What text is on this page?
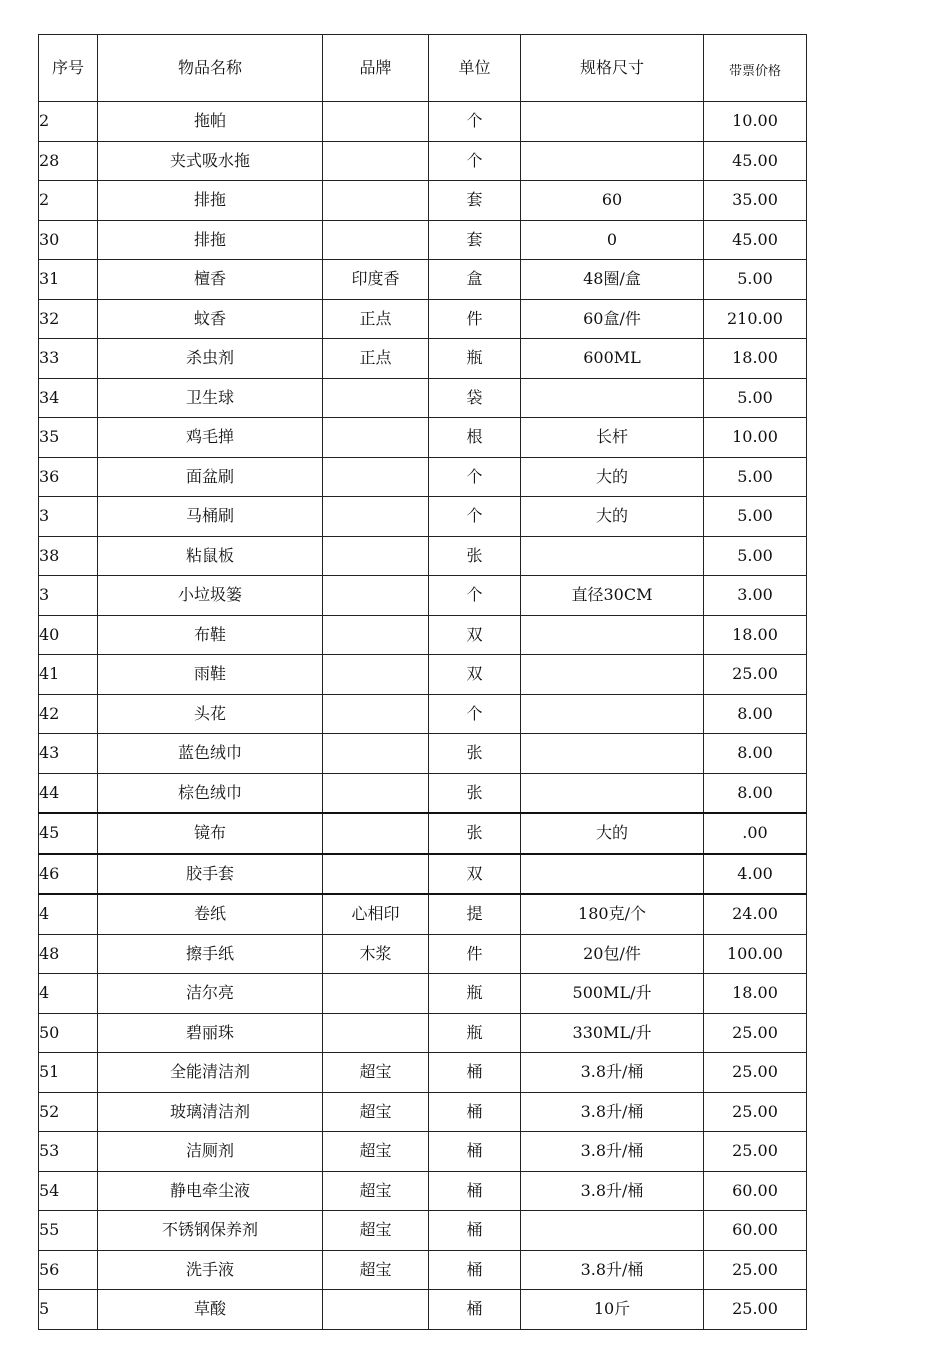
序号	物品名称	品牌	单位	规格尺寸	带票价格
2	拖帕		个		10.00
28	夹式吸水拖		个		45.00
2	排拖		套	60	35.00
30	排拖		套	0	45.00
31	檀香	印度香	盒	48圈/盒	5.00
32	蚊香	正点	件	60盒/件	210.00
33	杀虫剂	正点	瓶	600ML	18.00
34	卫生球		袋		5.00
35	鸡毛掸		根	长杆	10.00
36	面盆刷		个	大的	5.00
3	马桶刷		个	大的	5.00
38	粘鼠板		张		5.00
3	小垃圾篓		个	直径30CM	3.00
40	布鞋		双		18.00
41	雨鞋		双		25.00
42	头花		个		8.00
43	蓝色绒巾		张		8.00
44	棕色绒巾		张		8.00
45	镜布		张	大的	.00
46	胶手套		双		4.00
4	卷纸	心相印	提	180克/个	24.00
48	擦手纸	木浆	件	20包/件	100.00
4	洁尔亮		瓶	500ML/升	18.00
50	碧丽珠		瓶	330ML/升	25.00
51	全能清洁剂	超宝	桶	3.8升/桶	25.00
52	玻璃清洁剂	超宝	桶	3.8升/桶	25.00
53	洁厕剂	超宝	桶	3.8升/桶	25.00
54	静电牵尘液	超宝	桶	3.8升/桶	60.00
55	不锈钢保养剂	超宝	桶		60.00
56	洗手液	超宝	桶	3.8升/桶	25.00
5	草酸		桶	10斤	25.00
